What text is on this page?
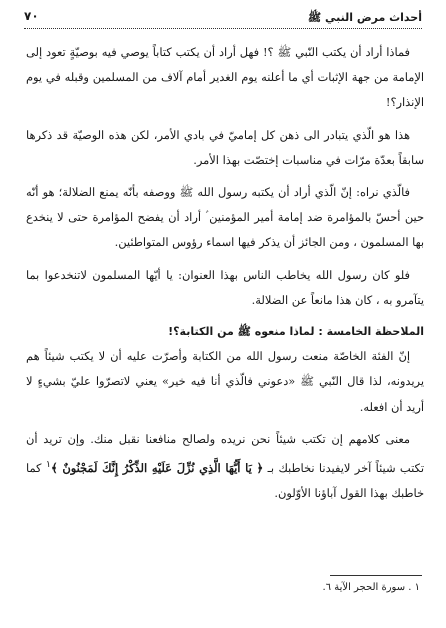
أحداث مرض النبي ﷺ
٧٠

فماذا أراد أن يكتب النّبي ﷺ ؟! فهل أراد أن يكتب كتاباً يوصي فيه بوصيّةٍ تعود إلى الإمامة من جهة الإثبات أي ما أعلنه يوم الغدير أمام آلاف من المسلمين وقبله في يوم الإنذار؟!

هذا هو الّذي يتبادر الى ذهن كل إماميّ في بادي الأمر، لكن هذه الوصيّة قد ذكرها سابقاً بعدّة مرّات في مناسبات إختصّت بهذا الأمر.

فالّذي نراه: إنّ الّذي أراد أن يكتبه رسول الله ﷺ ووصفه بأنّه يمنع الضلالة؛ هو أنّه حين أحسّ بالمؤامرة ضد إمامة أمير المؤمنين ؑ أراد أن يفضح المؤامرة حتى لا ينخدع بها المسلمون ، ومن الجائز أن يذكر فيها اسماء رؤوس المتواطئين.

فلو كان رسول الله يخاطب الناس بهذا العنوان: يا أيّها المسلمون لاتنخدعوا بما يتآمرو به ، كان هذا مانعاً عن الضلالة.

الملاحظة الخامسة : لماذا منعوه ﷺ من الكتابة؟!

إنّ الفئة الخاصّة منعت رسول الله من الكتابة وأصرّت عليه أن لا يكتب شيئاً هم يريدونه، لذا قال النّبي ﷺ «دعوني فالّذي أنا فيه خير» يعني لاتصرّوا عليّ بشيءٍ لا أريد أن افعله.

معنى كلامهم إن تكتب شيئاً نحن نريده ولصالح منافعنا نقبل منك. وإن تريد أن تكتب شيئاً آخر لايفيدنا نخاطبك بـ ﴿ يَا أَيُّهَا الَّذِي نُزِّلَ عَلَيْهِ الذِّكْرُ إِنَّكَ لَمَجْنُونٌ ﴾$^١$ كما خاطبك بهذا القول آباؤنا الأوّلون.

١ . سورة الحجر الآية ٦.
